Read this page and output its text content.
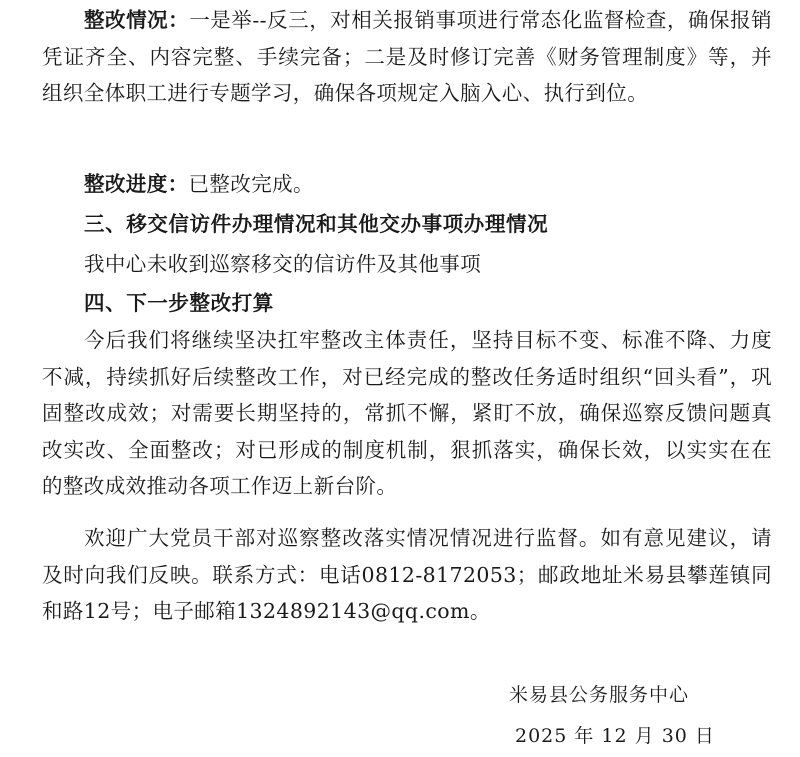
整改情况：一是举--反三，对相关报销事项进行常态化监督检查，确保报销凭证齐全、内容完整、手续完备；二是及时修订完善《财务管理制度》等，并组织全体职工进行专题学习，确保各项规定入脑入心、执行到位。

整改进度：已整改完成。

三、移交信访件办理情况和其他交办事项办理情况

我中心未收到巡察移交的信访件及其他事项

四、下一步整改打算

今后我们将继续坚决扛牢整改主体责任，坚持目标不变、标准不降、力度不减，持续抓好后续整改工作，对已经完成的整改任务适时组织“回头看”，巩固整改成效；对需要长期坚持的，常抓不懈，紧盯不放，确保巡察反馈问题真改实改、全面整改；对已形成的制度机制，狠抓落实，确保长效，以实实在在的整改成效推动各项工作迈上新台阶。

欢迎广大党员干部对巡察整改落实情况情况进行监督。如有意见建议，请及时向我们反映。联系方式：电话0812-8172053；邮政地址米易县攀莲镇同和路12号；电子邮箱1324892143@qq.com。

米易县公务服务中心

2025 年 12 月 30 日
